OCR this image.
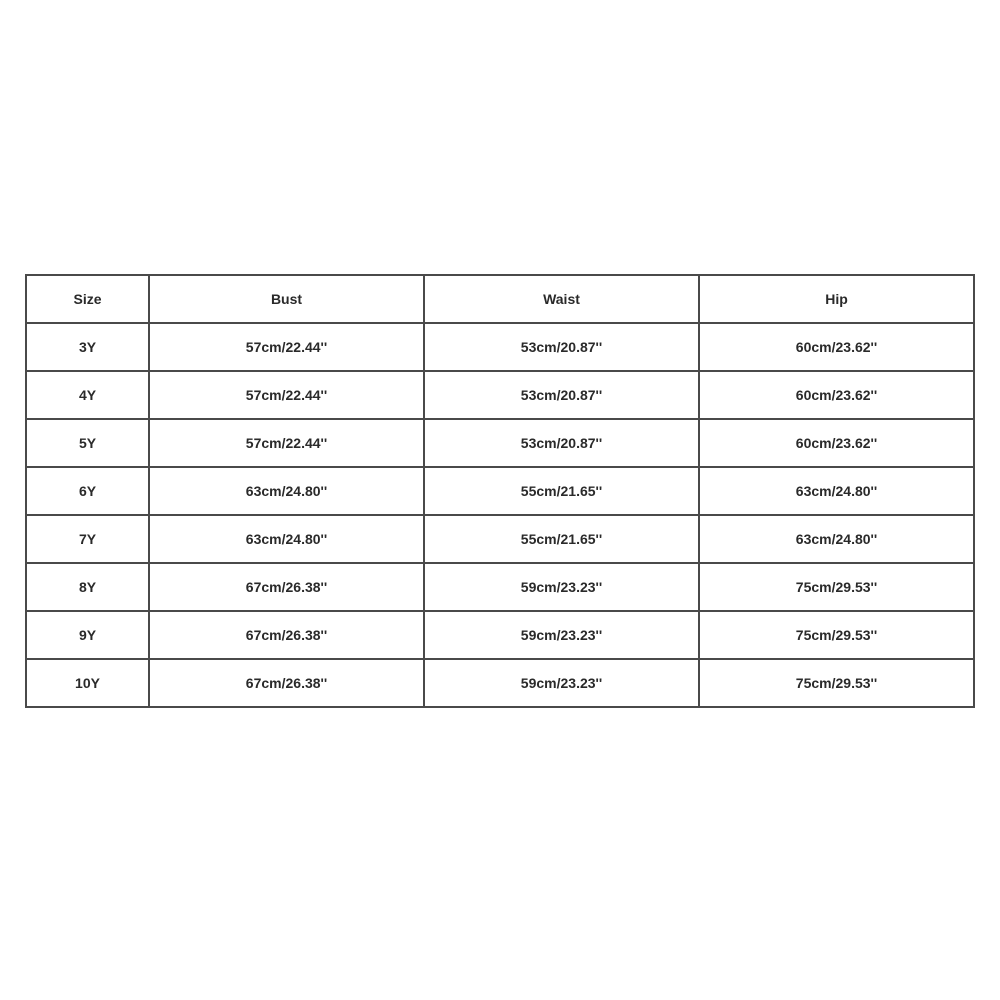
Size	Bust	Waist	Hip
3Y	57cm/22.44''	53cm/20.87''	60cm/23.62''
4Y	57cm/22.44''	53cm/20.87''	60cm/23.62''
5Y	57cm/22.44''	53cm/20.87''	60cm/23.62''
6Y	63cm/24.80''	55cm/21.65''	63cm/24.80''
7Y	63cm/24.80''	55cm/21.65''	63cm/24.80''
8Y	67cm/26.38''	59cm/23.23''	75cm/29.53''
9Y	67cm/26.38''	59cm/23.23''	75cm/29.53''
10Y	67cm/26.38''	59cm/23.23''	75cm/29.53''
